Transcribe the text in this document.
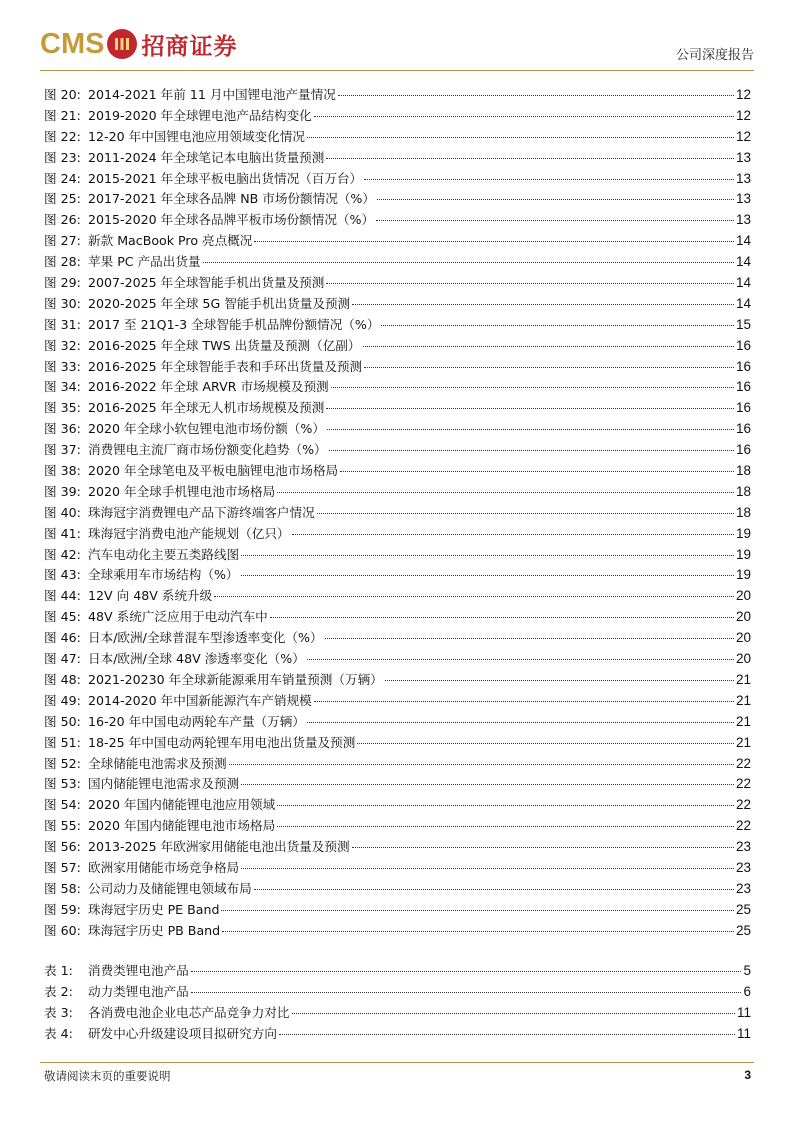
CMS 招商证券	公司深度报告
图 20: 2014-2021 年前 11 月中国锂电池产量情况	12
图 21: 2019-2020 年全球锂电池产品结构变化	12
图 22: 12-20 年中国锂电池应用领域变化情况	12
图 23: 2011-2024 年全球笔记本电脑出货量预测	13
图 24: 2015-2021 年全球平板电脑出货情况（百万台）	13
图 25: 2017-2021 年全球各品牌 NB 市场份额情况（%）	13
图 26: 2015-2020 年全球各品牌平板市场份额情况（%）	13
图 27: 新款 MacBook Pro 亮点概况	14
图 28: 苹果 PC 产品出货量	14
图 29: 2007-2025 年全球智能手机出货量及预测	14
图 30: 2020-2025 年全球 5G 智能手机出货量及预测	14
图 31: 2017 至 21Q1-3 全球智能手机品牌份额情况（%）	15
图 32: 2016-2025 年全球 TWS 出货量及预测（亿副）	16
图 33: 2016-2025 年全球智能手表和手环出货量及预测	16
图 34: 2016-2022 年全球 ARVR 市场规模及预测	16
图 35: 2016-2025 年全球无人机市场规模及预测	16
图 36: 2020 年全球小软包锂电池市场份额（%）	16
图 37: 消费锂电主流厂商市场份额变化趋势（%）	16
图 38: 2020 年全球笔电及平板电脑锂电池市场格局	18
图 39: 2020 年全球手机锂电池市场格局	18
图 40: 珠海冠宇消费锂电产品下游终端客户情况	18
图 41: 珠海冠宇消费电池产能规划（亿只）	19
图 42: 汽车电动化主要五类路线图	19
图 43: 全球乘用车市场结构（%）	19
图 44: 12V 向 48V 系统升级	20
图 45: 48V 系统广泛应用于电动汽车中	20
图 46: 日本/欧洲/全球普混车型渗透率变化（%）	20
图 47: 日本/欧洲/全球 48V 渗透率变化（%）	20
图 48: 2021-20230 年全球新能源乘用车销量预测（万辆）	21
图 49: 2014-2020 年中国新能源汽车产销规模	21
图 50: 16-20 年中国电动两轮车产量（万辆）	21
图 51: 18-25 年中国电动两轮锂车用电池出货量及预测	21
图 52: 全球储能电池需求及预测	22
图 53: 国内储能锂电池需求及预测	22
图 54: 2020 年国内储能锂电池应用领域	22
图 55: 2020 年国内储能锂电池市场格局	22
图 56: 2013-2025 年欧洲家用储能电池出货量及预测	23
图 57: 欧洲家用储能市场竞争格局	23
图 58: 公司动力及储能锂电领域布局	23
图 59: 珠海冠宇历史 PE Band	25
图 60: 珠海冠宇历史 PB Band	25
表 1:	消费类锂电池产品	5
表 2:	动力类锂电池产品	6
表 3:	各消费电池企业电芯产品竞争力对比	11
表 4:	研发中心升级建设项目拟研究方向	11
敬请阅读末页的重要说明	3
